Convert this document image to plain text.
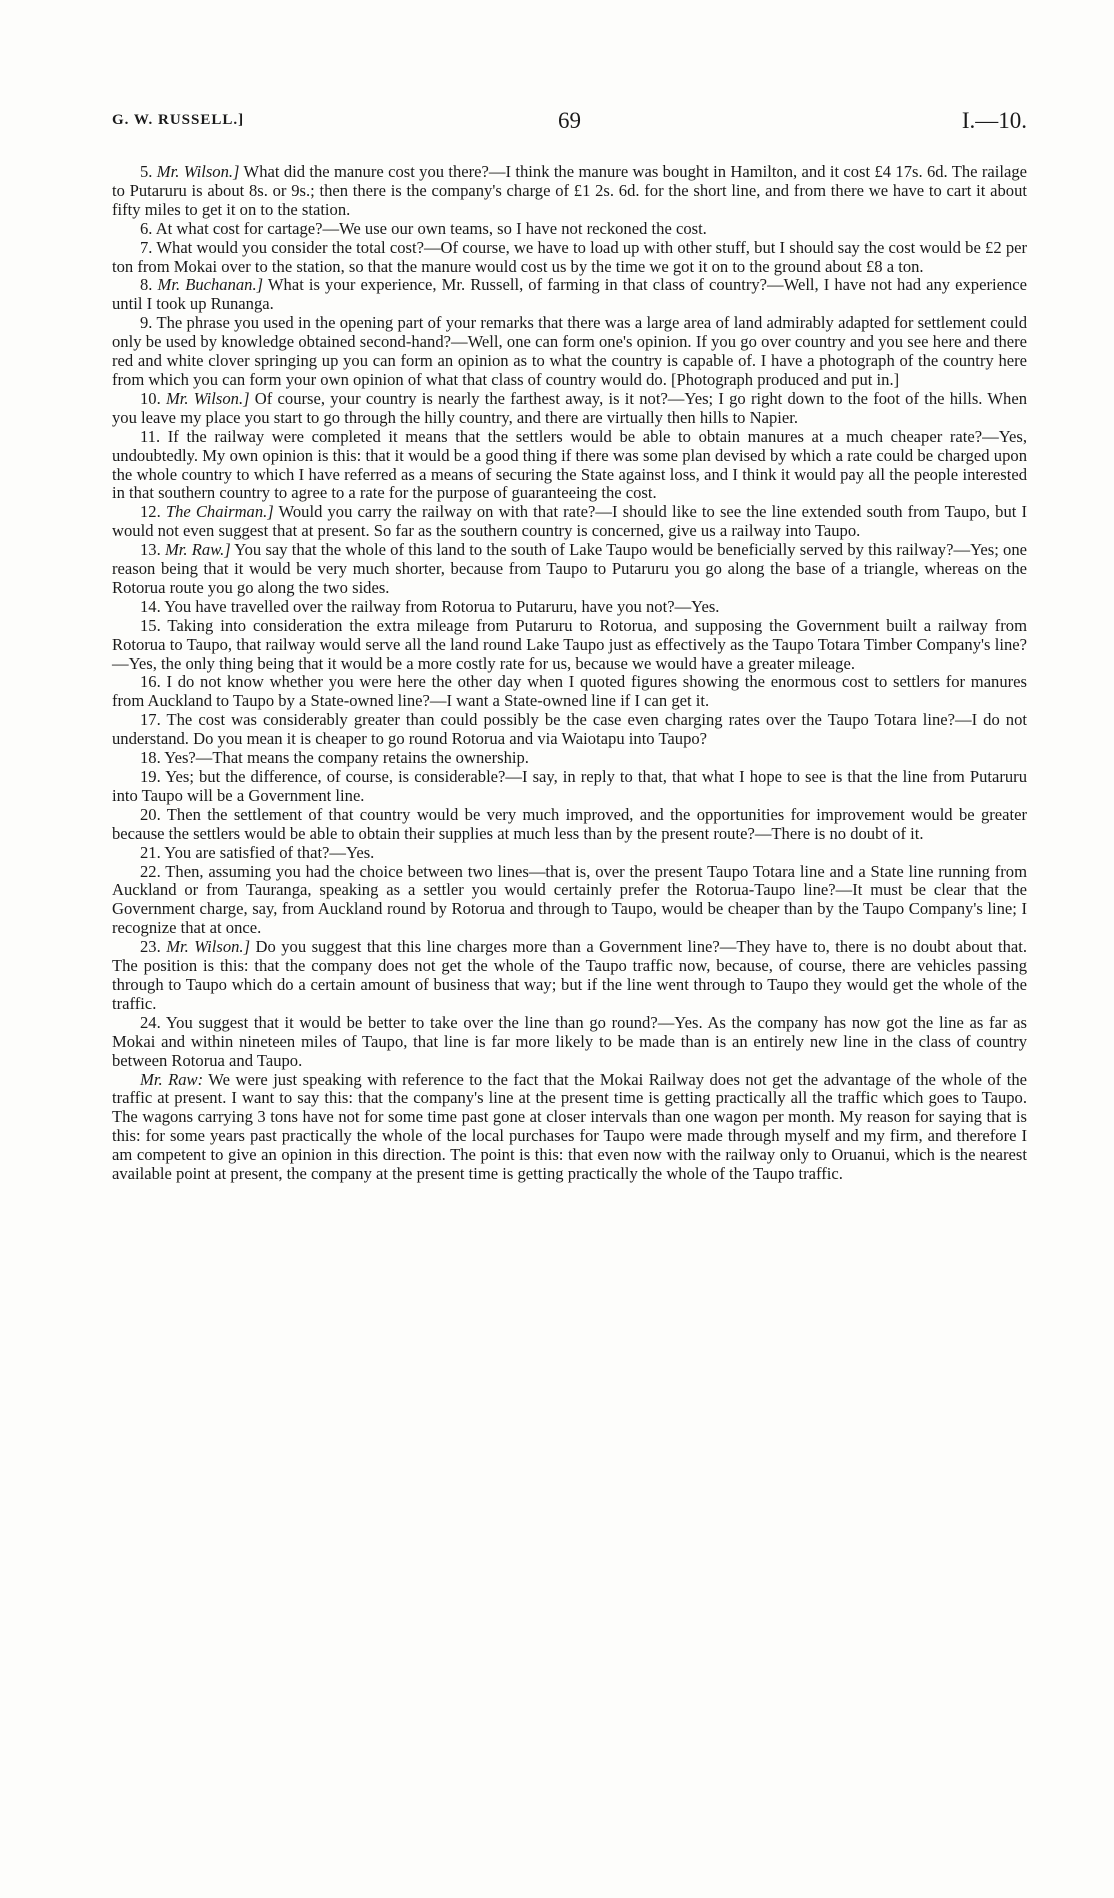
G. W. RUSSELL.]	69	I.—10.

5. Mr. Wilson.] What did the manure cost you there?—I think the manure was bought in Hamilton, and it cost £4 17s. 6d. The railage to Putaruru is about 8s. or 9s.; then there is the company's charge of £1 2s. 6d. for the short line, and from there we have to cart it about fifty miles to get it on to the station.

6. At what cost for cartage?—We use our own teams, so I have not reckoned the cost.

7. What would you consider the total cost?—Of course, we have to load up with other stuff, but I should say the cost would be £2 per ton from Mokai over to the station, so that the manure would cost us by the time we got it on to the ground about £8 a ton.

8. Mr. Buchanan.] What is your experience, Mr. Russell, of farming in that class of country?—Well, I have not had any experience until I took up Runanga.

9. The phrase you used in the opening part of your remarks that there was a large area of land admirably adapted for settlement could only be used by knowledge obtained second-hand?—Well, one can form one's opinion. If you go over country and you see here and there red and white clover springing up you can form an opinion as to what the country is capable of. I have a photograph of the country here from which you can form your own opinion of what that class of country would do. [Photograph produced and put in.]

10. Mr. Wilson.] Of course, your country is nearly the farthest away, is it not?—Yes; I go right down to the foot of the hills. When you leave my place you start to go through the hilly country, and there are virtually then hills to Napier.

11. If the railway were completed it means that the settlers would be able to obtain manures at a much cheaper rate?—Yes, undoubtedly. My own opinion is this: that it would be a good thing if there was some plan devised by which a rate could be charged upon the whole country to which I have referred as a means of securing the State against loss, and I think it would pay all the people interested in that southern country to agree to a rate for the purpose of guaranteeing the cost.

12. The Chairman.] Would you carry the railway on with that rate?—I should like to see the line extended south from Taupo, but I would not even suggest that at present. So far as the southern country is concerned, give us a railway into Taupo.

13. Mr. Raw.] You say that the whole of this land to the south of Lake Taupo would be beneficially served by this railway?—Yes; one reason being that it would be very much shorter, because from Taupo to Putaruru you go along the base of a triangle, whereas on the Rotorua route you go along the two sides.

14. You have travelled over the railway from Rotorua to Putaruru, have you not?—Yes.

15. Taking into consideration the extra mileage from Putaruru to Rotorua, and supposing the Government built a railway from Rotorua to Taupo, that railway would serve all the land round Lake Taupo just as effectively as the Taupo Totara Timber Company's line?—Yes, the only thing being that it would be a more costly rate for us, because we would have a greater mileage.

16. I do not know whether you were here the other day when I quoted figures showing the enormous cost to settlers for manures from Auckland to Taupo by a State-owned line?—I want a State-owned line if I can get it.

17. The cost was considerably greater than could possibly be the case even charging rates over the Taupo Totara line?—I do not understand. Do you mean it is cheaper to go round Rotorua and via Waiotapu into Taupo?

18. Yes?—That means the company retains the ownership.

19. Yes; but the difference, of course, is considerable?—I say, in reply to that, that what I hope to see is that the line from Putaruru into Taupo will be a Government line.

20. Then the settlement of that country would be very much improved, and the opportunities for improvement would be greater because the settlers would be able to obtain their supplies at much less than by the present route?—There is no doubt of it.

21. You are satisfied of that?—Yes.

22. Then, assuming you had the choice between two lines—that is, over the present Taupo Totara line and a State line running from Auckland or from Tauranga, speaking as a settler you would certainly prefer the Rotorua-Taupo line?—It must be clear that the Government charge, say, from Auckland round by Rotorua and through to Taupo, would be cheaper than by the Taupo Company's line; I recognize that at once.

23. Mr. Wilson.] Do you suggest that this line charges more than a Government line?—They have to, there is no doubt about that. The position is this: that the company does not get the whole of the Taupo traffic now, because, of course, there are vehicles passing through to Taupo which do a certain amount of business that way; but if the line went through to Taupo they would get the whole of the traffic.

24. You suggest that it would be better to take over the line than go round?—Yes. As the company has now got the line as far as Mokai and within nineteen miles of Taupo, that line is far more likely to be made than is an entirely new line in the class of country between Rotorua and Taupo.

Mr. Raw: We were just speaking with reference to the fact that the Mokai Railway does not get the advantage of the whole of the traffic at present. I want to say this: that the company's line at the present time is getting practically all the traffic which goes to Taupo. The wagons carrying 3 tons have not for some time past gone at closer intervals than one wagon per month. My reason for saying that is this: for some years past practically the whole of the local purchases for Taupo were made through myself and my firm, and therefore I am competent to give an opinion in this direction. The point is this: that even now with the railway only to Oruanui, which is the nearest available point at present, the company at the present time is getting practically the whole of the Taupo traffic.
